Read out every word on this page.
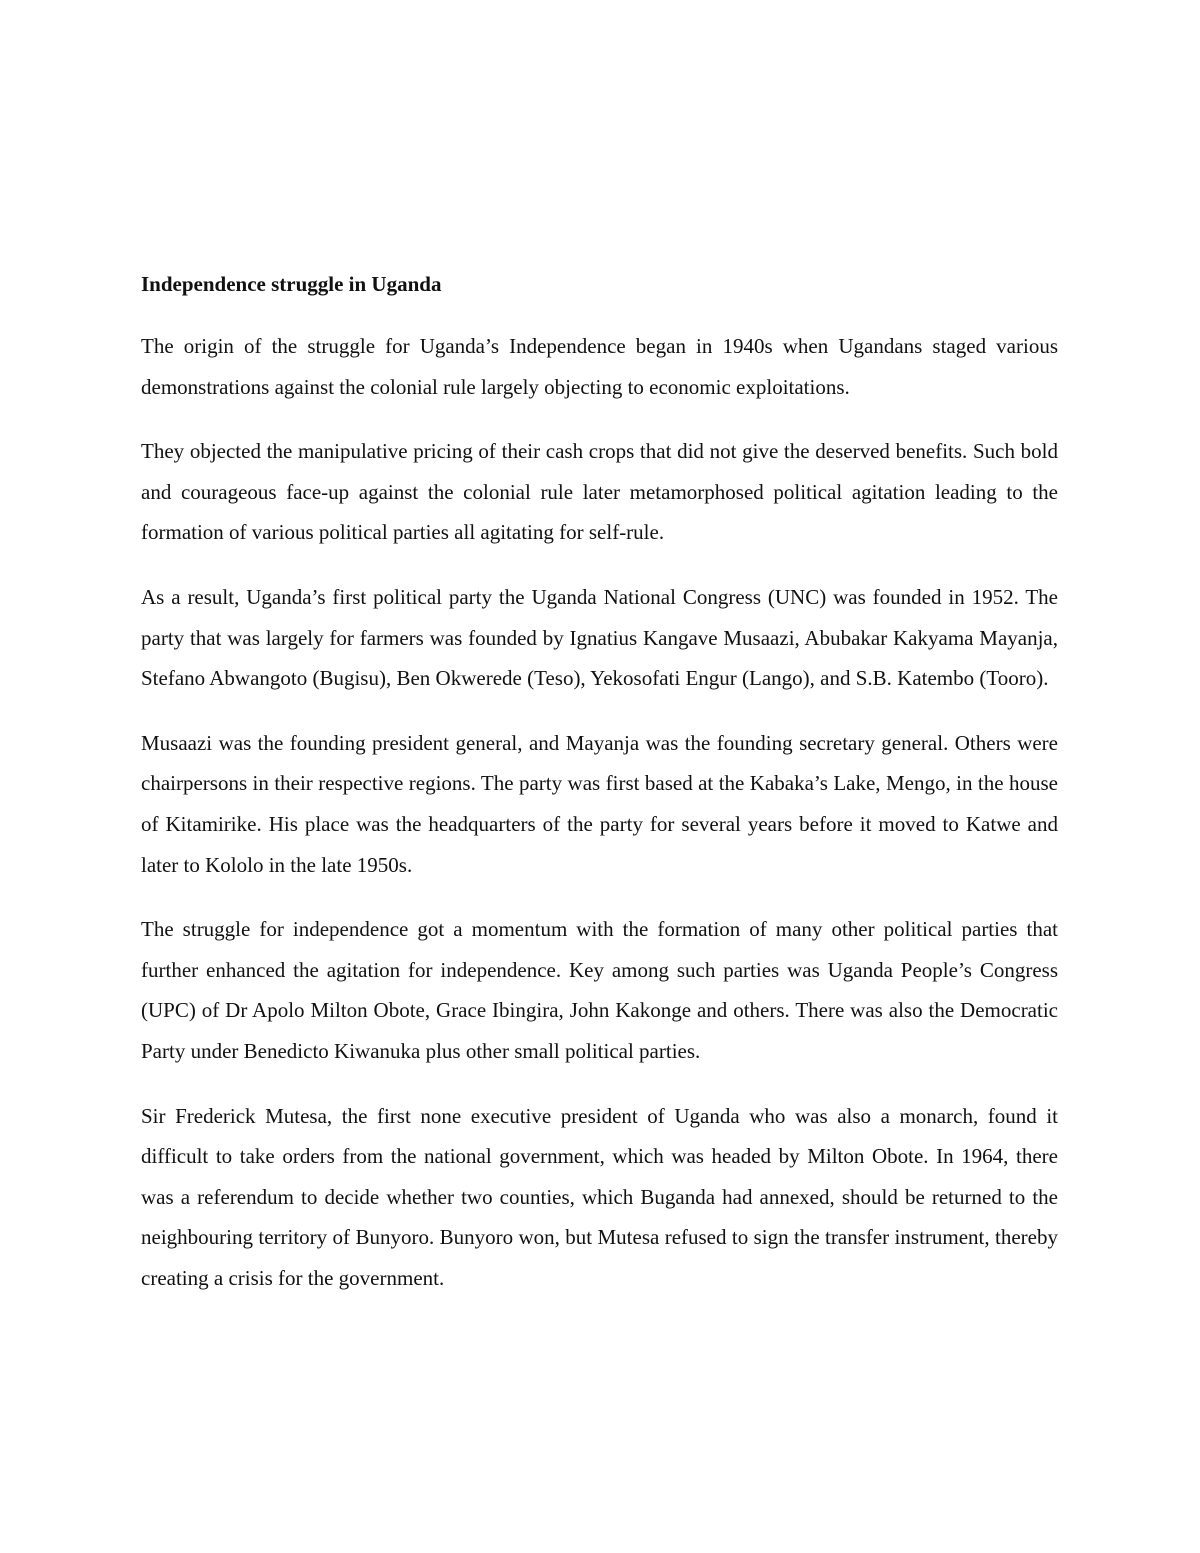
Independence struggle in Uganda

The origin of the struggle for Uganda’s Independence began in 1940s when Ugandans staged various demonstrations against the colonial rule largely objecting to economic exploitations.

They objected the manipulative pricing of their cash crops that did not give the deserved benefits. Such bold and courageous face-up against the colonial rule later metamorphosed political agitation leading to the formation of various political parties all agitating for self-rule.

As a result, Uganda’s first political party the Uganda National Congress (UNC) was founded in 1952. The party that was largely for farmers was founded by Ignatius Kangave Musaazi, Abubakar Kakyama Mayanja, Stefano Abwangoto (Bugisu), Ben Okwerede (Teso), Yekosofati Engur (Lango), and S.B. Katembo (Tooro).

Musaazi was the founding president general, and Mayanja was the founding secretary general. Others were chairpersons in their respective regions. The party was first based at the Kabaka’s Lake, Mengo, in the house of Kitamirike. His place was the headquarters of the party for several years before it moved to Katwe and later to Kololo in the late 1950s.

The struggle for independence got a momentum with the formation of many other political parties that further enhanced the agitation for independence. Key among such parties was Uganda People’s Congress (UPC) of Dr Apolo Milton Obote, Grace Ibingira, John Kakonge and others. There was also the Democratic Party under Benedicto Kiwanuka plus other small political parties.

Sir Frederick Mutesa, the first none executive president of Uganda who was also a monarch, found it difficult to take orders from the national government, which was headed by Milton Obote. In 1964, there was a referendum to decide whether two counties, which Buganda had annexed, should be returned to the neighbouring territory of Bunyoro. Bunyoro won, but Mutesa refused to sign the transfer instrument, thereby creating a crisis for the government.
